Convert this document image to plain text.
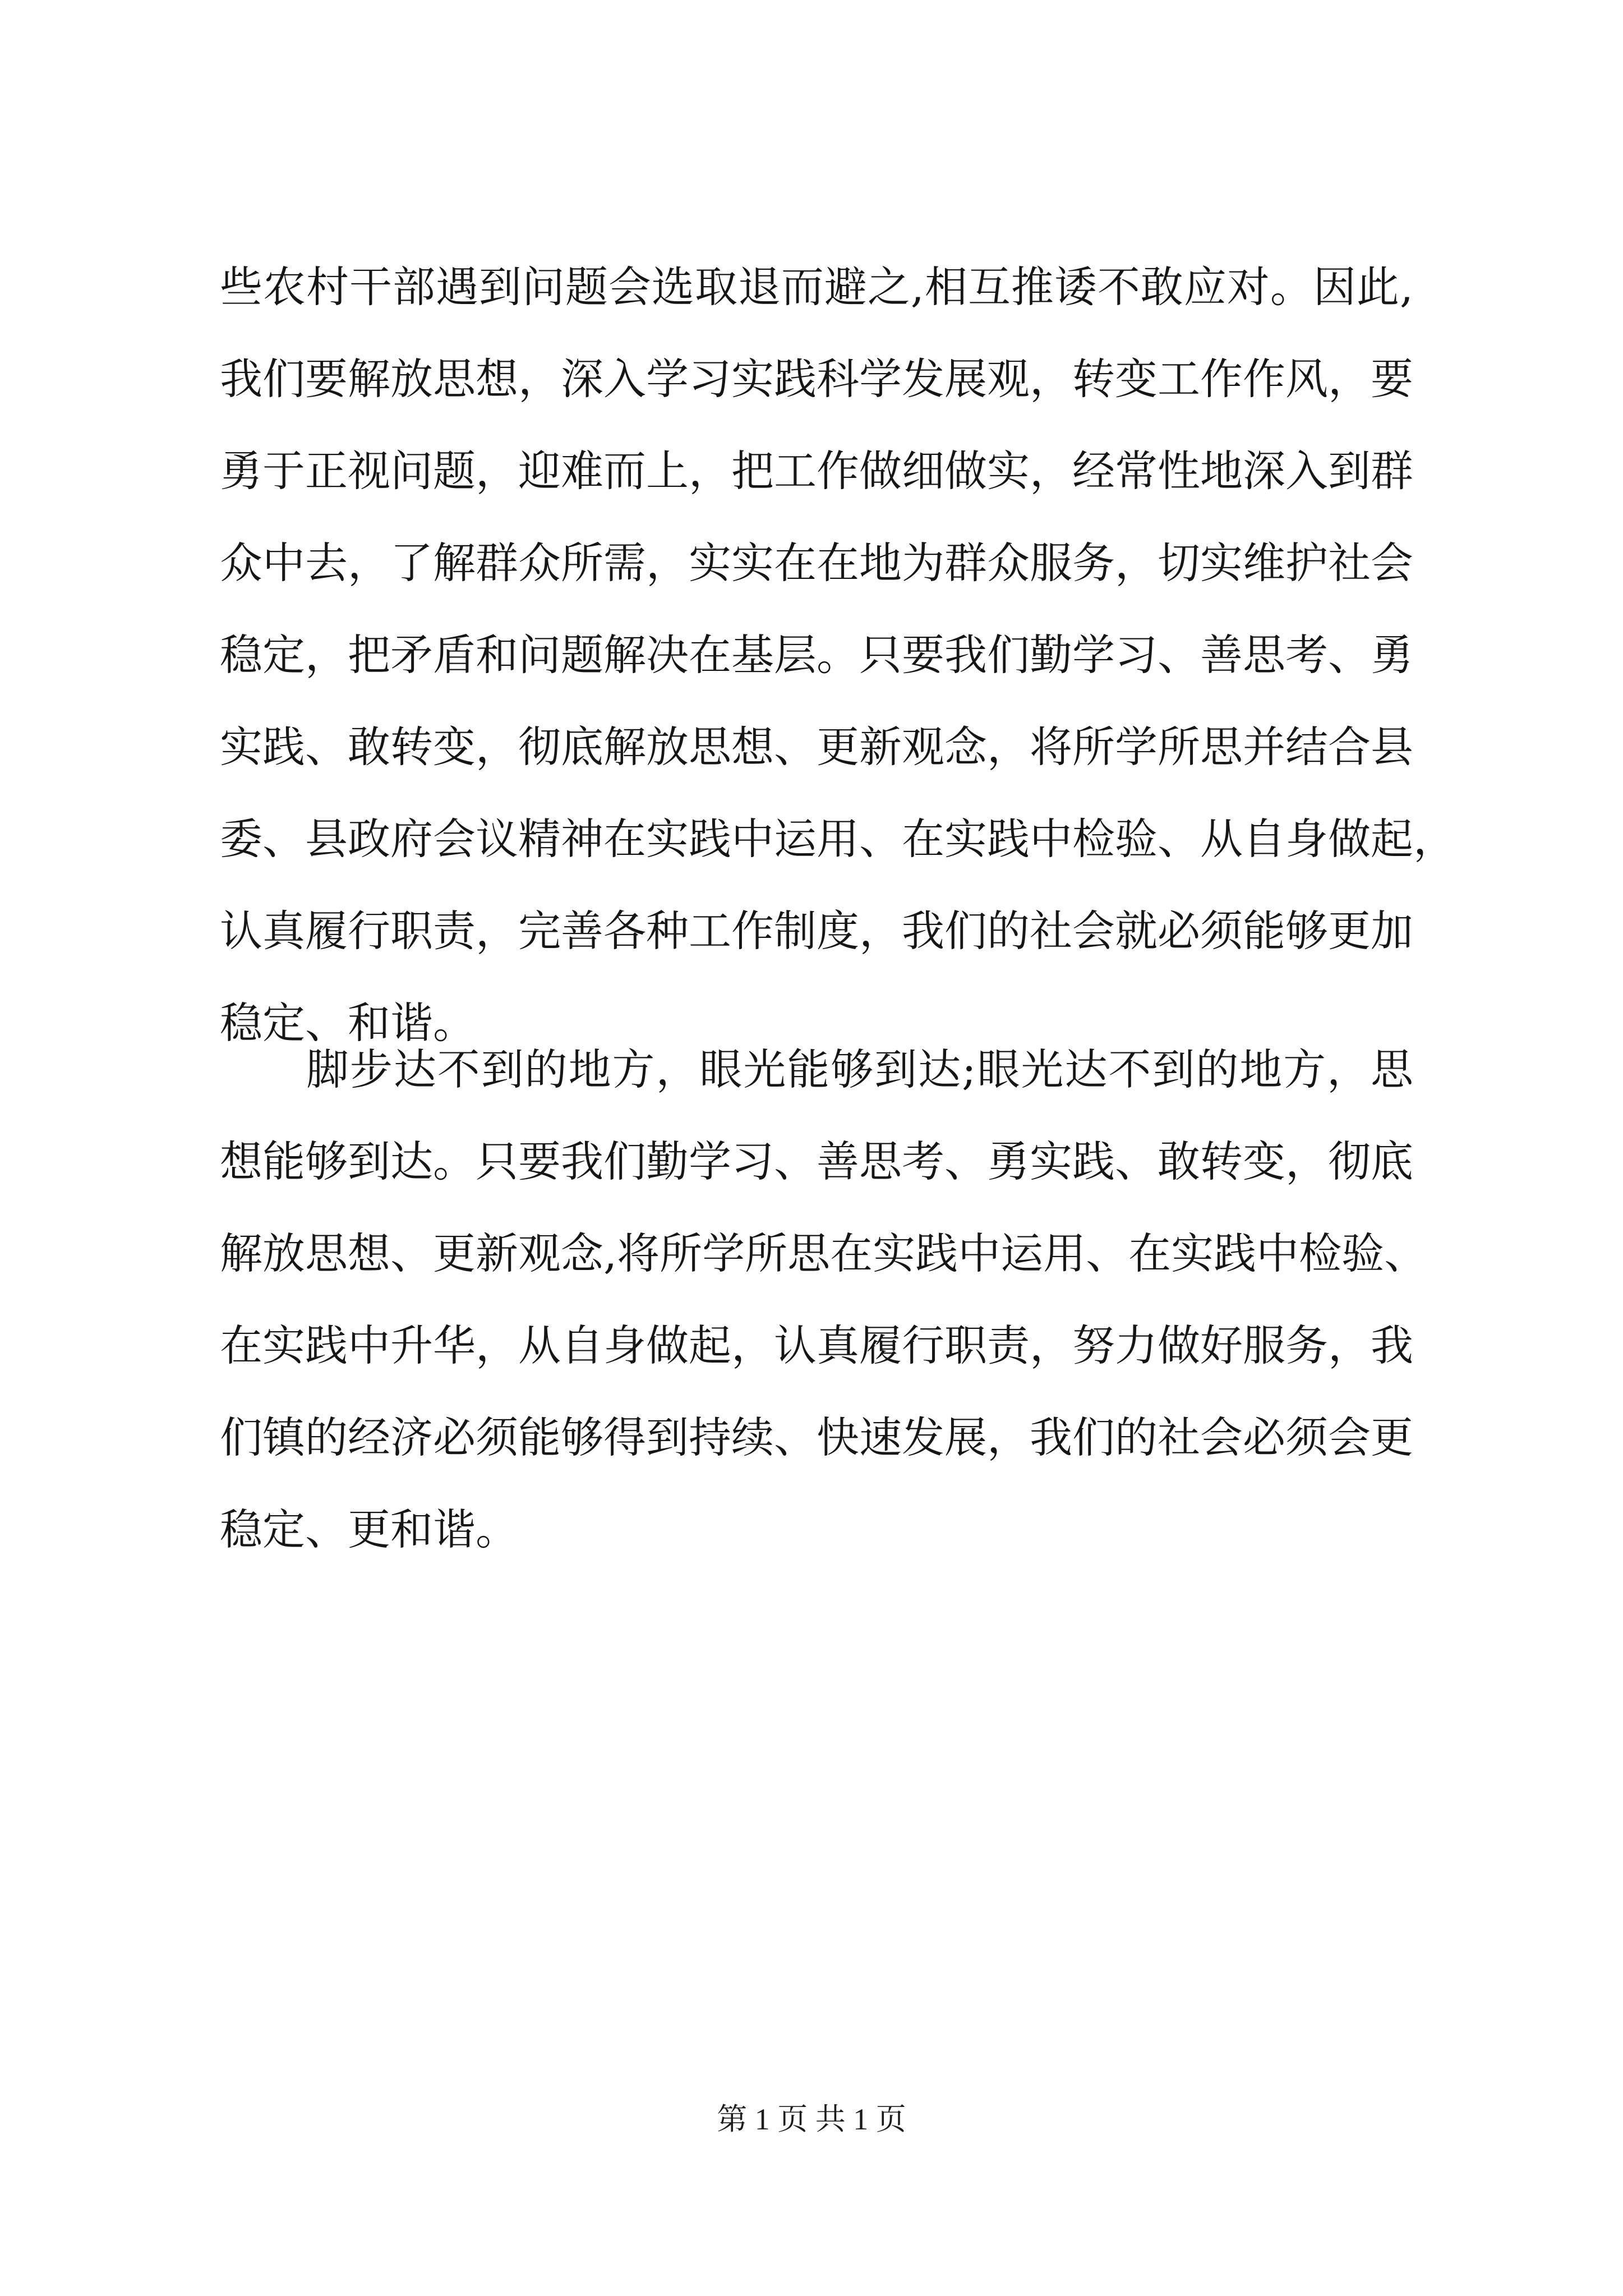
些农村干部遇到问题会选取退而避之,相互推诿不敢应对。因此,
我们要解放思想，深入学习实践科学发展观，转变工作作风，要
勇于正视问题，迎难而上，把工作做细做实，经常性地深入到群
众中去，了解群众所需，实实在在地为群众服务，切实维护社会
稳定，把矛盾和问题解决在基层。只要我们勤学习、善思考、勇
实践、敢转变，彻底解放思想、更新观念，将所学所思并结合县
委、县政府会议精神在实践中运用、在实践中检验、从自身做起，
认真履行职责，完善各种工作制度，我们的社会就必须能够更加
稳定、和谐。
脚步达不到的地方，眼光能够到达;眼光达不到的地方，思
想能够到达。只要我们勤学习、善思考、勇实践、敢转变，彻底
解放思想、更新观念,将所学所思在实践中运用、在实践中检验、
在实践中升华，从自身做起，认真履行职责，努力做好服务，我
们镇的经济必须能够得到持续、快速发展，我们的社会必须会更
稳定、更和谐。
第 1 页 共 1 页
